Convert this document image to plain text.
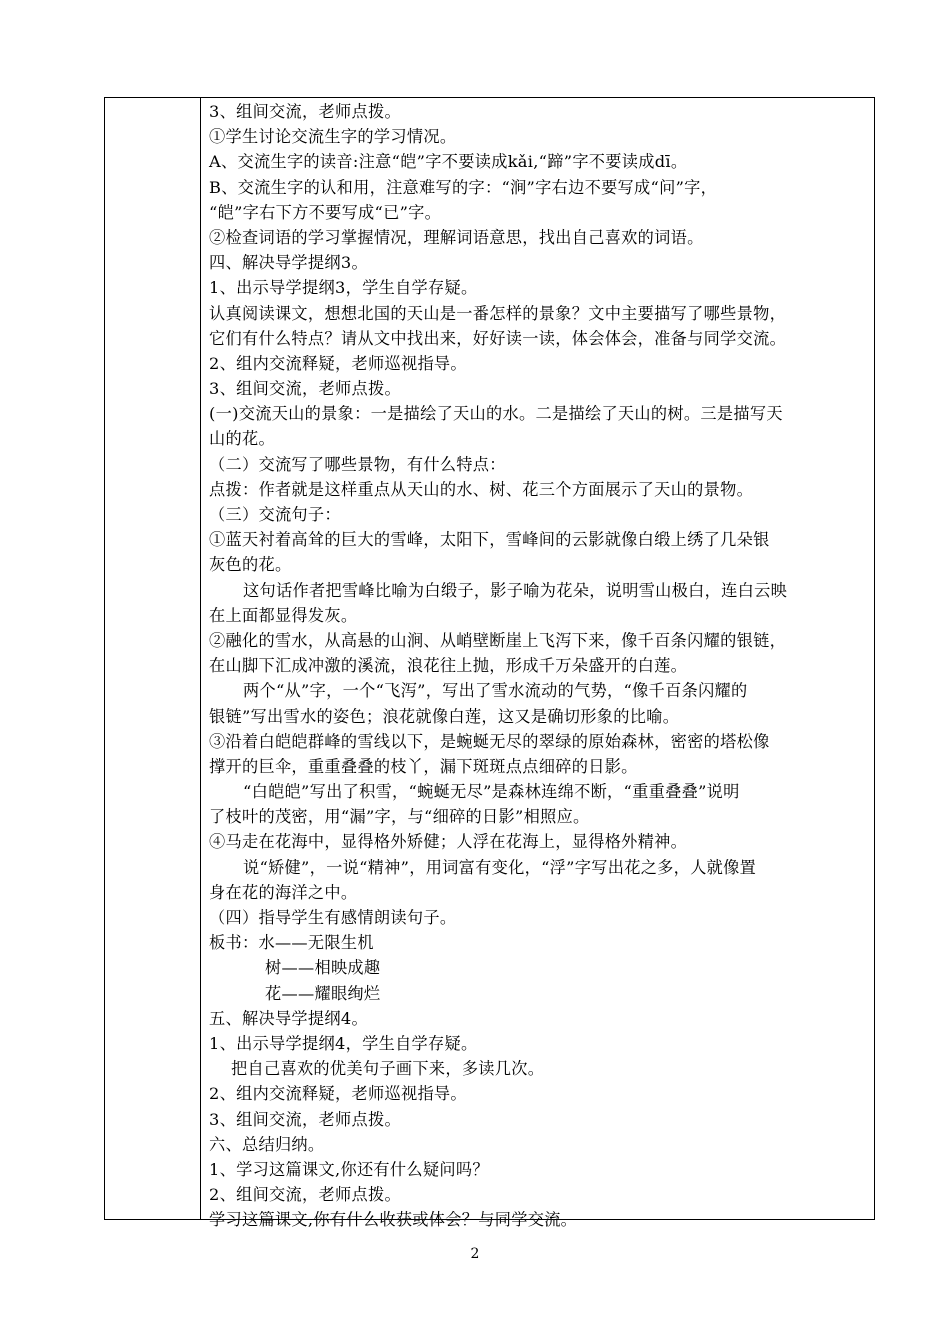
3、组间交流，老师点拨。
①学生讨论交流生字的学习情况。
A、交流生字的读音:注意“皑”字不要读成kǎi,“蹄”字不要读成dī。
B、交流生字的认和用，注意难写的字：“涧”字右边不要写成“问”字，
“皑”字右下方不要写成“已”字。
②检查词语的学习掌握情况，理解词语意思，找出自己喜欢的词语。
四、解决导学提纲3。
1、出示导学提纲3，学生自学存疑。
认真阅读课文，想想北国的天山是一番怎样的景象？文中主要描写了哪些景物，
它们有什么特点？请从文中找出来，好好读一读，体会体会，准备与同学交流。
2、组内交流释疑，老师巡视指导。
3、组间交流，老师点拨。
(一)交流天山的景象：一是描绘了天山的水。二是描绘了天山的树。三是描写天
山的花。
（二）交流写了哪些景物，有什么特点：
点拨：作者就是这样重点从天山的水、树、花三个方面展示了天山的景物。
（三）交流句子：
①蓝天衬着高耸的巨大的雪峰，太阳下，雪峰间的云影就像白缎上绣了几朵银
灰色的花。
这句话作者把雪峰比喻为白缎子，影子喻为花朵，说明雪山极白，连白云映
在上面都显得发灰。
②融化的雪水，从高悬的山涧、从峭壁断崖上飞泻下来，像千百条闪耀的银链，
在山脚下汇成冲激的溪流，浪花往上抛，形成千万朵盛开的白莲。
两个“从”字，一个“飞泻”，写出了雪水流动的气势，“像千百条闪耀的
银链”写出雪水的姿色；浪花就像白莲，这又是确切形象的比喻。
③沿着白皑皑群峰的雪线以下，是蜿蜒无尽的翠绿的原始森林，密密的塔松像
撑开的巨伞，重重叠叠的枝丫，漏下斑斑点点细碎的日影。
“白皑皑”写出了积雪，“蜿蜒无尽”是森林连绵不断，“重重叠叠”说明
了枝叶的茂密，用“漏”字，与“细碎的日影”相照应。
④马走在花海中，显得格外矫健；人浮在花海上，显得格外精神。
说“矫健”，一说“精神”，用词富有变化，“浮”字写出花之多，人就像置
身在花的海洋之中。
（四）指导学生有感情朗读句子。
板书：水——无限生机
树——相映成趣
花——耀眼绚烂
五、解决导学提纲4。
1、出示导学提纲4，学生自学存疑。
把自己喜欢的优美句子画下来，多读几次。
2、组内交流释疑，老师巡视指导。
3、组间交流，老师点拨。
六、总结归纳。
1、学习这篇课文,你还有什么疑问吗？
2、组间交流，老师点拨。
学习这篇课文,你有什么收获或体会？与同学交流。
2
